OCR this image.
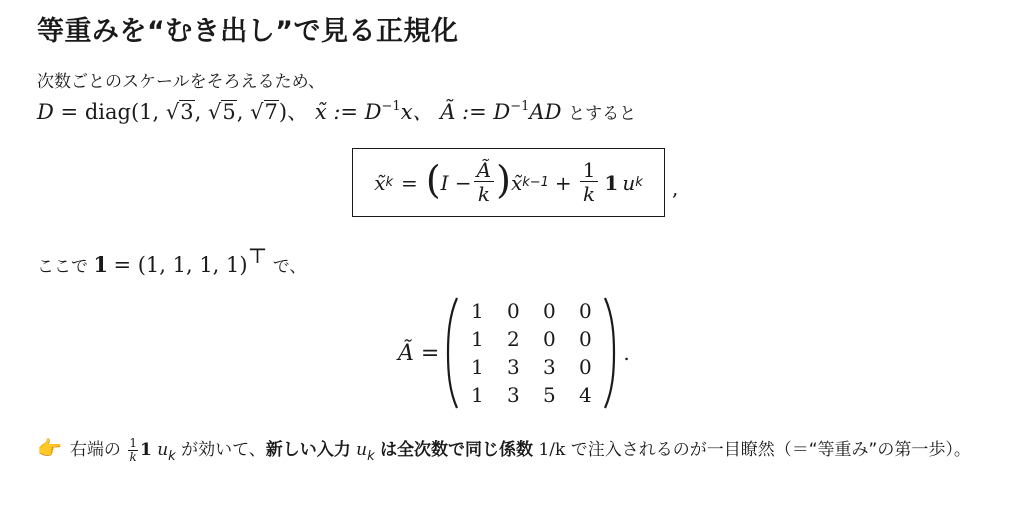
等重みを“むき出し”で見る正規化
次数ごとのスケールをそろえるため、
D = diag(1, √3, √5, √7)、 x̃ := $D^{-1}x$、 Ã := $D^{-1}AD$ とすると
x̃ k = ( $I - \frac{Ã}{k}$ ) x̃ $k-1 + \frac{1}{k} 1$ u k ,
ここで 1 = (1, 1, 1, 1)⊤ で、
Ã =
1	0	0	0
1	2	0	0
1	3	3	0
1	3	5	4
.
👉 右端の $\frac{1}{k} 1$ $u_k$ が効いて、新しい入力 $u_k$ は全次数で同じ係数 1/k で注入されるのが一目瞭然（＝“等重み”の第一歩）。
